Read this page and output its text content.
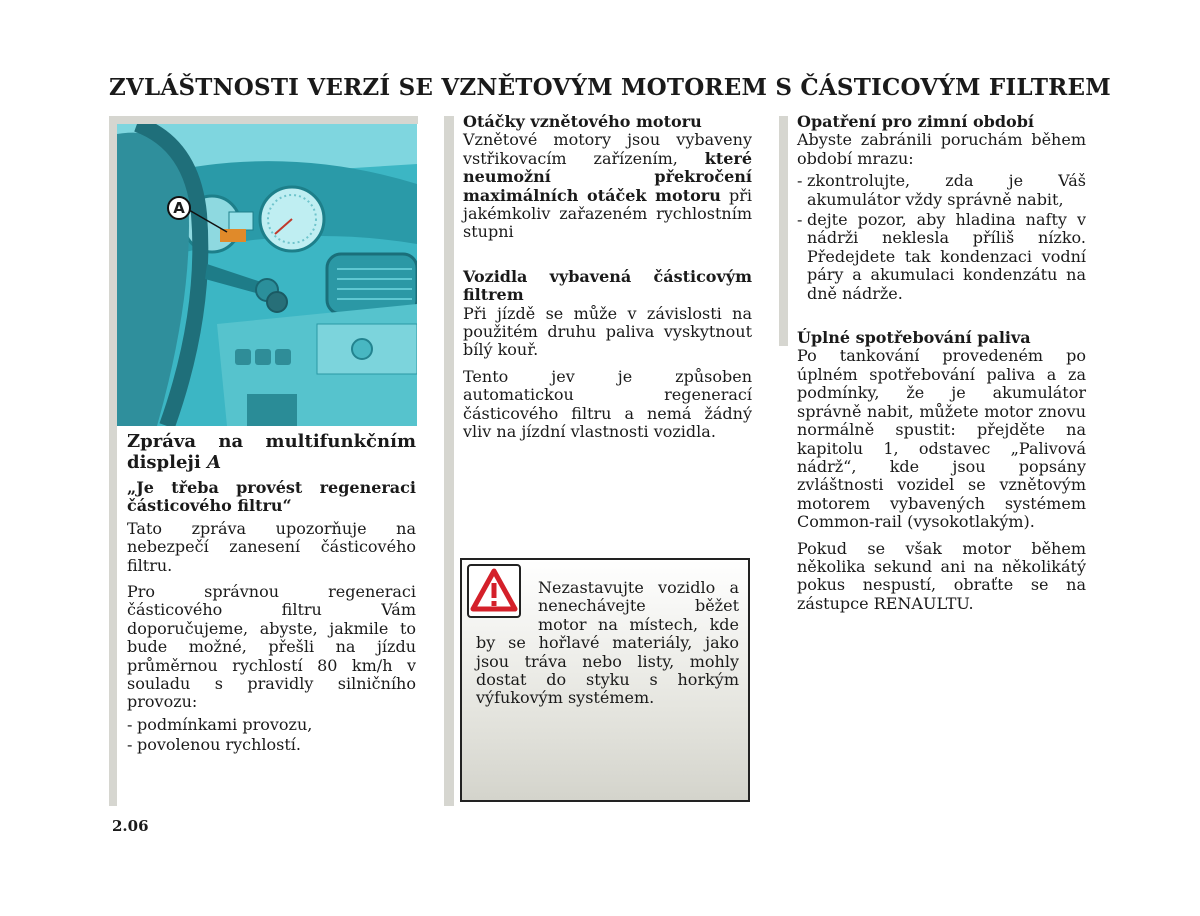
ZVLÁŠTNOSTI VERZÍ SE VZNĚTOVÝM MOTOREM S ČÁSTICOVÝM FILTREM
A

Zpráva na multifunkčním displeji A

„Je třeba provést regeneraci částicového filtru“

Tato zpráva upozorňuje na nebezpečí zanesení částicového filtru.

Pro správnou regeneraci částicového filtru Vám doporučujeme, abyste, jakmile to bude možné, přešli na jízdu průměrnou rychlostí 80 km/h v souladu s pravidly silničního provozu:

- podmínkami provozu,
- povolenou rychlostí.

Otáčky vznětového motoru

Vznětové motory jsou vybaveny vstřikovacím zařízením, které neumožní překročení maximálních otáček motoru při jakémkoliv zařazeném rychlostním stupni

Vozidla vybavená částicovým filtrem

Při jízdě se může v závislosti na použitém druhu paliva vyskytnout bílý kouř.

Tento jev je způsoben automatickou regenerací částicového filtru a nemá žádný vliv na jízdní vlastnosti vozidla.

Nezastavujte vozidlo a nenechávejte běžet motor na místech, kde by se hořlavé materiály, jako jsou tráva nebo listy, mohly dostat do styku s horkým výfukovým systémem.

Opatření pro zimní období

Abyste zabránili poruchám během období mrazu:

- zkontrolujte, zda je Váš akumulátor vždy správně nabit,
- dejte pozor, aby hladina nafty v nádrži neklesla příliš nízko. Předejdete tak kondenzaci vodní páry a akumulaci kondenzátu na dně nádrže.

Úplné spotřebování paliva

Po tankování provedeném po úplném spotřebování paliva a za podmínky, že je akumulátor správně nabit, můžete motor znovu normálně spustit: přejděte na kapitolu 1, odstavec „Palivová nádrž“, kde jsou popsány zvláštnosti vozidel se vznětovým motorem vybavených systémem Common-rail (vysokotlakým).

Pokud se však motor během několika sekund ani na několikátý pokus nespustí, obraťte se na zástupce RENAULTU.

2.06
